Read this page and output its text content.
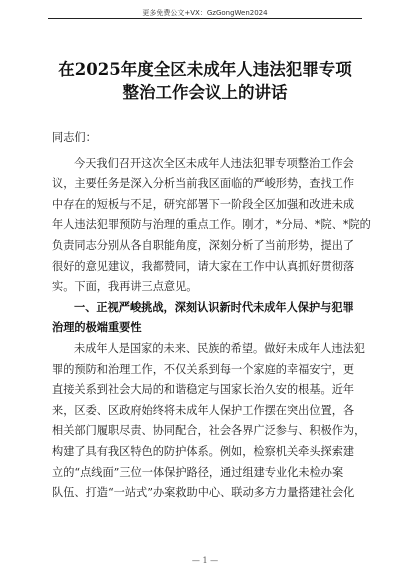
更多免费公文+VX：GzGongWen2024
在2025年度全区未成年人违法犯罪专项
整治工作会议上的讲话
同志们：
今天我们召开这次全区未成年人违法犯罪专项整治工作会
议，主要任务是深入分析当前我区面临的严峻形势，查找工作
中存在的短板与不足，研究部署下一阶段全区加强和改进未成
年人违法犯罪预防与治理的重点工作。刚才，*分局、*院、*院的
负责同志分别从各自职能角度，深刻分析了当前形势，提出了
很好的意见建议，我都赞同，请大家在工作中认真抓好贯彻落
实。下面，我再讲三点意见。
一、正视严峻挑战，深刻认识新时代未成年人保护与犯罪
治理的极端重要性
未成年人是国家的未来、民族的希望。做好未成年人违法犯
罪的预防和治理工作，不仅关系到每一个家庭的幸福安宁，更
直接关系到社会大局的和谐稳定与国家长治久安的根基。近年
来，区委、区政府始终将未成年人保护工作摆在突出位置，各
相关部门履职尽责、协同配合，社会各界广泛参与、积极作为，
构建了具有我区特色的防护体系。例如，检察机关牵头探索建
立的“点线面”三位一体保护路径，通过组建专业化未检办案
队伍、打造“一站式”办案救助中心、联动多方力量搭建社会化
— 1 —
